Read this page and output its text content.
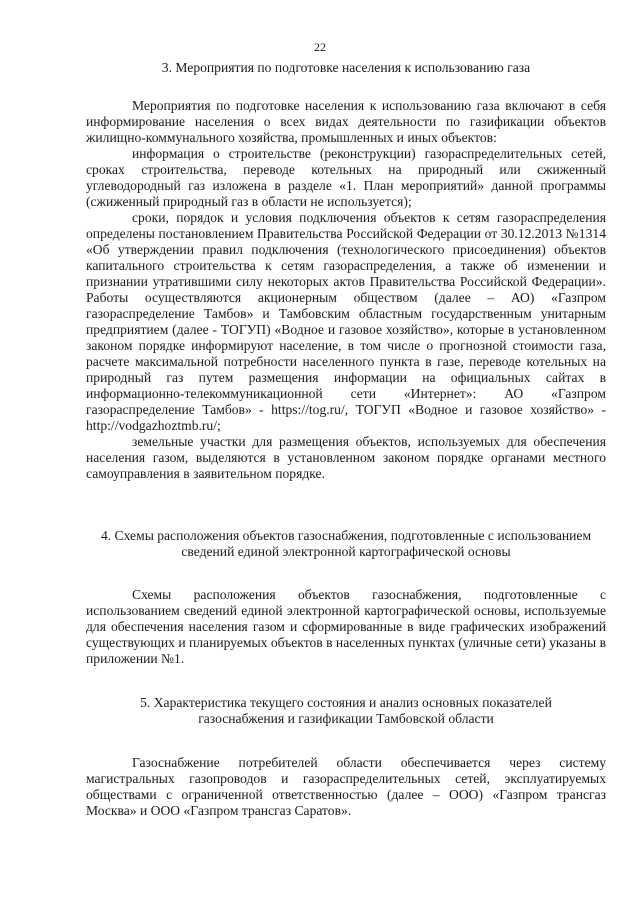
22
3. Мероприятия по подготовке населения к использованию газа

Мероприятия по подготовке населения к использованию газа включают в себя информирование населения о всех видах деятельности по газификации объектов жилищно-коммунального хозяйства, промышленных и иных объектов:

информация о строительстве (реконструкции) газораспределительных сетей, сроках строительства, переводе котельных на природный или сжиженный углеводородный газ изложена в разделе «1. План мероприятий» данной программы (сжиженный природный газ в области не используется);

сроки, порядок и условия подключения объектов к сетям газораспределения определены постановлением Правительства Российской Федерации от 30.12.2013 №1314 «Об утверждении правил подключения (технологического присоединения) объектов капитального строительства к сетям газораспределения, а также об изменении и признании утратившими силу некоторых актов Правительства Российской Федерации». Работы осуществляются акционерным обществом (далее – АО) «Газпром газораспределение Тамбов» и Тамбовским областным государственным унитарным предприятием (далее - ТОГУП) «Водное и газовое хозяйство», которые в установленном законом порядке информируют население, в том числе о прогнозной стоимости газа, расчете максимальной потребности населенного пункта в газе, переводе котельных на природный газ путем размещения информации на официальных сайтах в информационно-телекоммуникационной сети «Интернет»: АО «Газпром газораспределение Тамбов» - https://tog.ru/, ТОГУП «Водное и газовое хозяйство» - http://vodgazhoztmb.ru/;

земельные участки для размещения объектов, используемых для обеспечения населения газом, выделяются в установленном законом порядке органами местного самоуправления в заявительном порядке.

4. Схемы расположения объектов газоснабжения, подготовленные с использованием сведений единой электронной картографической основы

Схемы расположения объектов газоснабжения, подготовленные с использованием сведений единой электронной картографической основы, используемые для обеспечения населения газом и сформированные в виде графических изображений существующих и планируемых объектов в населенных пунктах (уличные сети) указаны в приложении №1.

5. Характеристика текущего состояния и анализ основных показателей газоснабжения и газификации Тамбовской области

Газоснабжение потребителей области обеспечивается через систему магистральных газопроводов и газораспределительных сетей, эксплуатируемых обществами с ограниченной ответственностью (далее – ООО) «Газпром трансгаз Москва» и ООО «Газпром трансгаз Саратов».
